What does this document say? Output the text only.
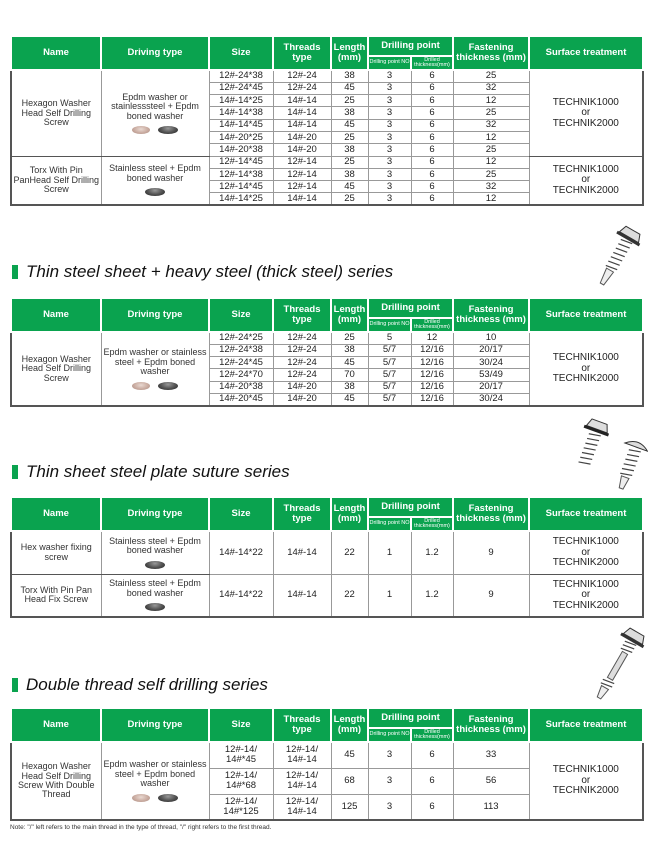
Thin steel sheet + heavy steel (thick steel) series
Thin sheet steel plate suture series
Double thread self drilling series
Note: "/" left refers to the main thread in the type of thread, "/" right refers to the first thread.
Name	Driving type	Size	Threads type	Length (mm)	Drilling point		Fastening thickness (mm)	Surface treatment
					Drilling point NO	Drilled thickness(mm)		
Hexagon Washer Head Self Drilling Screw	Epdm washer or stainlesssteel + Epdm boned washer	12#-24*38	12#-24	38	3	6	25	TECHNIK1000
or
TECHNIK2000

		12#-24*45	12#-24	45	3	6	32	
		14#-14*25	14#-14	25	3	6	12	
		14#-14*38	14#-14	38	3	6	25	
		14#-14*45	14#-14	45	3	6	32	
		14#-20*25	14#-20	25	3	6	12	
		14#-20*38	14#-20	38	3	6	25	
Torx With Pin PanHead Self Drilling Screw	Stainless steel + Epdm boned washer	12#-14*45	12#-14	25	3	6	12	TECHNIK1000
or
TECHNIK2000

		12#-14*38	12#-14	38	3	6	25	
		12#-14*45	12#-14	45	3	6	32	
		14#-14*25	14#-14	25	3	6	12	
Name	Driving type	Size	Threads type	Length (mm)	Drilling point		Fastening thickness (mm)	Surface treatment
					Drilling point NO	Drilled thickness(mm)		
Hexagon Washer Head Self Drilling Screw	Epdm washer or stainless steel + Epdm boned washer	12#-24*25	12#-24	25	5	12	10	TECHNIK1000
or
TECHNIK2000

		12#-24*38	12#-24	38	5/7	12/16	20/17	
		12#-24*45	12#-24	45	5/7	12/16	30/24	
		12#-24*70	12#-24	70	5/7	12/16	53/49	
		14#-20*38	14#-20	38	5/7	12/16	20/17	
		14#-20*45	14#-20	45	5/7	12/16	30/24	
Name	Driving type	Size	Threads type	Length (mm)	Drilling point		Fastening thickness (mm)	Surface treatment
					Drilling point NO	Drilled thickness(mm)		
Hex washer fixing screw	Stainless steel + Epdm boned washer	14#-14*22	14#-14	22	1	1.2	9	TECHNIK1000
or
TECHNIK2000

Torx With Pin Pan Head Fix Screw	Stainless steel + Epdm boned washer	14#-14*22	14#-14	22	1	1.2	9	TECHNIK1000
or
TECHNIK2000
Name	Driving type	Size	Threads type	Length (mm)	Drilling point		Fastening thickness (mm)	Surface treatment
					Drilling point NO	Drilled thickness(mm)		
Hexagon Washer Head Self Drilling Screw With Double Thread	Epdm washer or stainless steel + Epdm boned washer	12#-14/ 14#*45	12#-14/ 14#-14	45	3	6	33	TECHNIK1000
or
TECHNIK2000

		12#-14/ 14#*68	12#-14/ 14#-14	68	3	6	56	
		12#-14/ 14#*125	12#-14/ 14#-14	125	3	6	113	
